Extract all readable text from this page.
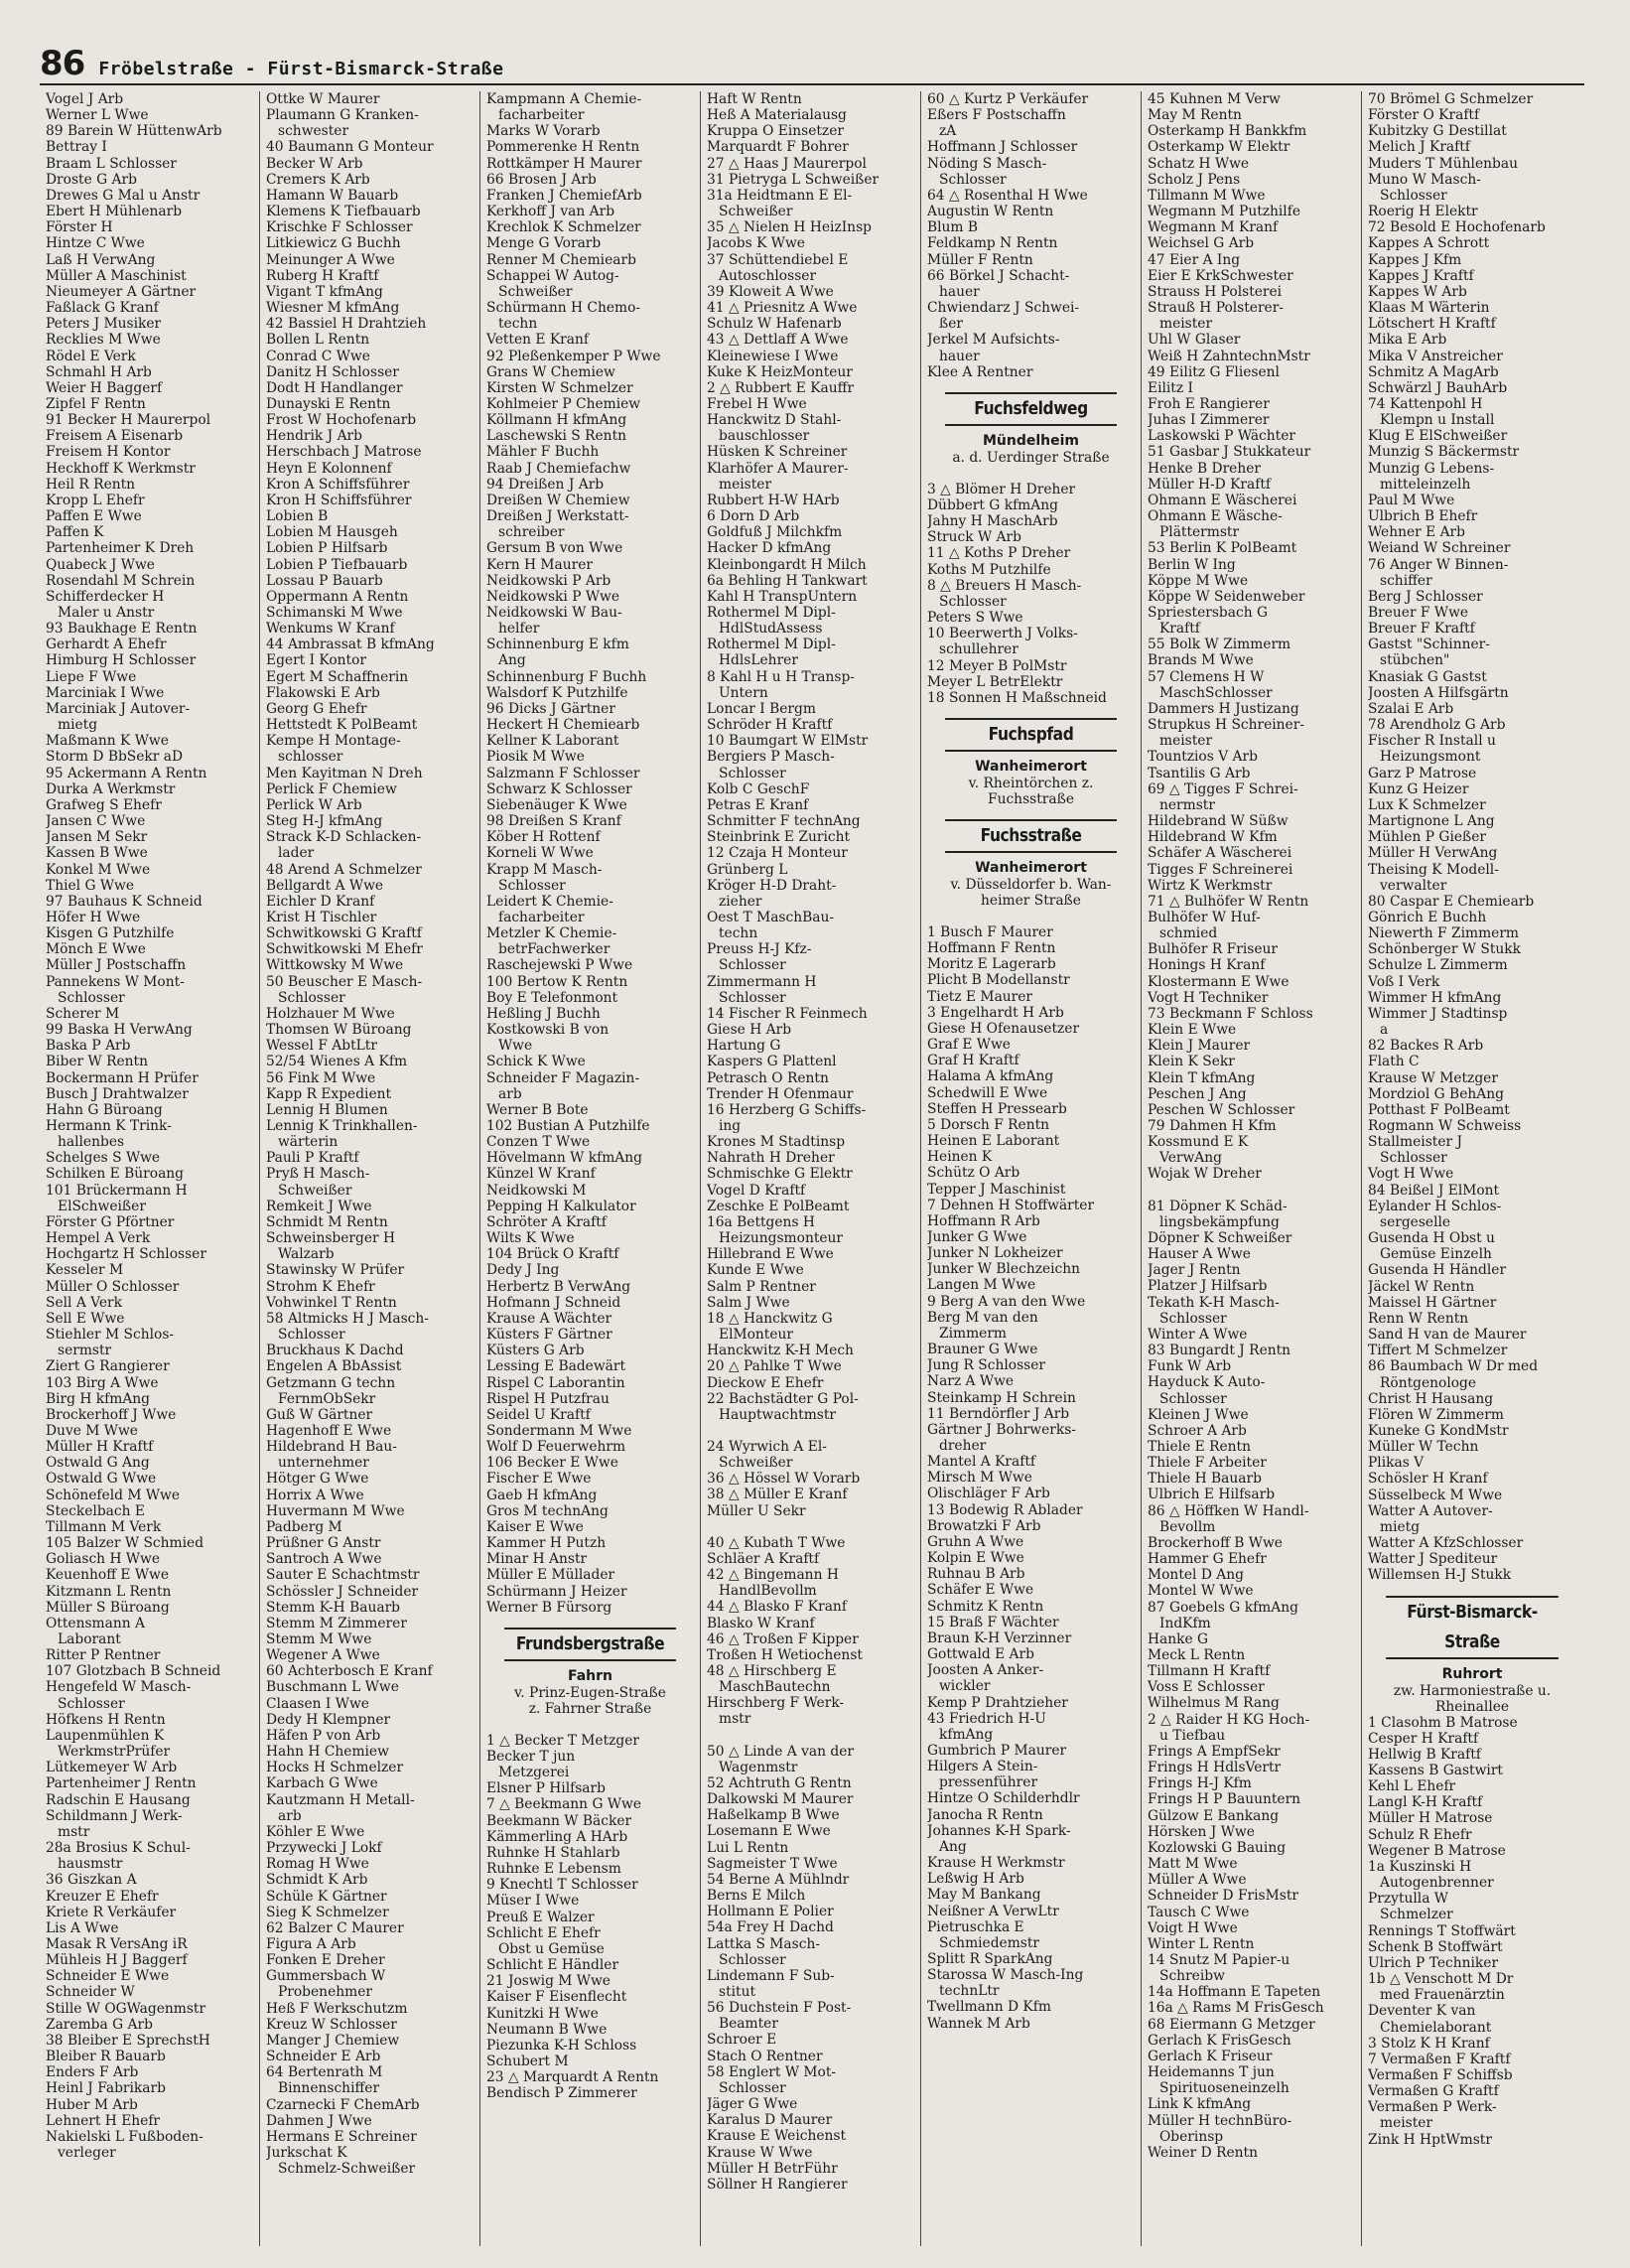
86 Fröbelstraße - Fürst-Bismarck-Straße
Vogel J Arb
Werner L Wwe
89 Barein W HüttenwArb
Bettray I
Braam L Schlosser
Droste G Arb
Drewes G Mal u Anstr
Ebert H Mühlenarb
Förster H
Hintze C Wwe
Laß H VerwAng
Müller A Maschinist
Nieumeyer A Gärtner
Faßlack G Kranf
Peters J Musiker
Recklies M Wwe
Rödel E Verk
Schmahl H Arb
Weier H Baggerf
Zipfel F Rentn
91 Becker H Maurerpol
Freisem A Eisenarb
Freisem H Kontor
Heckhoff K Werkmstr
Heil R Rentn
Kropp L Ehefr
Paffen E Wwe
Paffen K
Partenheimer K Dreh
Quabeck J Wwe
Rosendahl M Schrein
Schifferdecker H
Maler u Anstr
93 Baukhage E Rentn
Gerhardt A Ehefr
Himburg H Schlosser
Liepe F Wwe
Marciniak I Wwe
Marciniak J Autover-
mietg
Maßmann K Wwe
Storm D BbSekr aD
95 Ackermann A Rentn
Durka A Werkmstr
Grafweg S Ehefr
Jansen C Wwe
Jansen M Sekr
Kassen B Wwe
Konkel M Wwe
Thiel G Wwe
97 Bauhaus K Schneid
Höfer H Wwe
Kisgen G Putzhilfe
Mönch E Wwe
Müller J Postschaffn
Pannekens W Mont-
Schlosser
Scherer M
99 Baska H VerwAng
Baska P Arb
Biber W Rentn
Bockermann H Prüfer
Busch J Drahtwalzer
Hahn G Büroang
Hermann K Trink-
hallenbes
Schelges S Wwe
Schilken E Büroang
101 Brückermann H
ElSchweißer
Förster G Pförtner
Hempel A Verk
Hochgartz H Schlosser
Kesseler M
Müller O Schlosser
Sell A Verk
Sell E Wwe
Stiehler M Schlos-
sermstr
Ziert G Rangierer
103 Birg A Wwe
Birg H kfmAng
Brockerhoff J Wwe
Duve M Wwe
Müller H Kraftf
Ostwald G Ang
Ostwald G Wwe
Schönefeld M Wwe
Steckelbach E
Tillmann M Verk
105 Balzer W Schmied
Goliasch H Wwe
Keuenhoff E Wwe
Kitzmann L Rentn
Müller S Büroang
Ottensmann A
Laborant
Ritter P Rentner
107 Glotzbach B Schneid
Hengefeld W Masch-
Schlosser
Höfkens H Rentn
Laupenmühlen K
WerkmstrPrüfer
Lütkemeyer W Arb
Partenheimer J Rentn
Radschin E Hausang
Schildmann J Werk-
mstr
28a Brosius K Schul-
hausmstr
36 Giszkan A
Kreuzer E Ehefr
Kriete R Verkäufer
Lis A Wwe
Masak R VersAng iR
Mühleis H J Baggerf
Schneider E Wwe
Schneider W
Stille W OGWagenmstr
Zaremba G Arb
38 Bleiber E SprechstH
Bleiber R Bauarb
Enders F Arb
Heinl J Fabrikarb
Huber M Arb
Lehnert H Ehefr
Nakielski L Fußboden-
verleger
Ottke W Maurer
Plaumann G Kranken-
schwester
40 Baumann G Monteur
Becker W Arb
Cremers K Arb
Hamann W Bauarb
Klemens K Tiefbauarb
Krischke F Schlosser
Litkiewicz G Buchh
Meinunger A Wwe
Ruberg H Kraftf
Vigant T kfmAng
Wiesner M kfmAng
42 Bassiel H Drahtzieh
Bollen L Rentn
Conrad C Wwe
Danitz H Schlosser
Dodt H Handlanger
Dunayski E Rentn
Frost W Hochofenarb
Hendrik J Arb
Herschbach J Matrose
Heyn E Kolonnenf
Kron A Schiffsführer
Kron H Schiffsführer
Lobien B
Lobien M Hausgeh
Lobien P Hilfsarb
Lobien P Tiefbauarb
Lossau P Bauarb
Oppermann A Rentn
Schimanski M Wwe
Wenkums W Kranf
44 Ambrassat B kfmAng
Egert I Kontor
Egert M Schaffnerin
Flakowski E Arb
Georg G Ehefr
Hettstedt K PolBeamt
Kempe H Montage-
schlosser
Men Kayitman N Dreh
Perlick F Chemiew
Perlick W Arb
Steg H-J kfmAng
Strack K-D Schlacken-
lader
48 Arend A Schmelzer
Bellgardt A Wwe
Eichler D Kranf
Krist H Tischler
Schwitkowski G Kraftf
Schwitkowski M Ehefr
Wittkowsky M Wwe
50 Beuscher E Masch-
Schlosser
Holzhauer M Wwe
Thomsen W Büroang
Wessel F AbtLtr
52/54 Wienes A Kfm
56 Fink M Wwe
Kapp R Expedient
Lennig H Blumen
Lennig K Trinkhallen-
wärterin
Pauli P Kraftf
Pryß H Masch-
Schweißer
Remkeit J Wwe
Schmidt M Rentn
Schweinsberger H
Walzarb
Stawinsky W Prüfer
Strohm K Ehefr
Vohwinkel T Rentn
58 Altmicks H J Masch-
Schlosser
Bruckhaus K Dachd
Engelen A BbAssist
Getzmann G techn
FernmObSekr
Guß W Gärtner
Hagenhoff E Wwe
Hildebrand H Bau-
unternehmer
Hötger G Wwe
Horrix A Wwe
Huvermann M Wwe
Padberg M
Prüßner G Anstr
Santroch A Wwe
Sauter E Schachtmstr
Schössler J Schneider
Stemm K-H Bauarb
Stemm M Zimmerer
Stemm M Wwe
Wegener A Wwe
60 Achterbosch E Kranf
Buschmann L Wwe
Claasen I Wwe
Dedy H Klempner
Häfen P von Arb
Hahn H Chemiew
Hocks H Schmelzer
Karbach G Wwe
Kautzmann H Metall-
arb
Köhler E Wwe
Przywecki J Lokf
Romag H Wwe
Schmidt K Arb
Schüle K Gärtner
Sieg K Schmelzer
62 Balzer C Maurer
Figura A Arb
Fonken E Dreher
Gummersbach W
Probenehmer
Heß F Werkschutzm
Kreuz W Schlosser
Manger J Chemiew
Schneider E Arb
64 Bertenrath M
Binnenschiffer
Czarnecki F ChemArb
Dahmen J Wwe
Hermans E Schreiner
Jurkschat K
Schmelz-Schweißer
Kampmann A Chemie-
facharbeiter
Marks W Vorarb
Pommerenke H Rentn
Rottkämper H Maurer
66 Brosen J Arb
Franken J ChemiefArb
Kerkhoff J van Arb
Krechlok K Schmelzer
Menge G Vorarb
Renner M Chemiearb
Schappei W Autog-
Schweißer
Schürmann H Chemo-
techn
Vetten E Kranf
92 Pleßenkemper P Wwe
Grans W Chemiew
Kirsten W Schmelzer
Kohlmeier P Chemiew
Köllmann H kfmAng
Laschewski S Rentn
Mähler F Buchh
Raab J Chemiefachw
94 Dreißen J Arb
Dreißen W Chemiew
Dreißen J Werkstatt-
schreiber
Gersum B von Wwe
Kern H Maurer
Neidkowski P Arb
Neidkowski P Wwe
Neidkowski W Bau-
helfer
Schinnenburg E kfm
Ang
Schinnenburg F Buchh
Walsdorf K Putzhilfe
96 Dicks J Gärtner
Heckert H Chemiearb
Kellner K Laborant
Piosik M Wwe
Salzmann F Schlosser
Schwarz K Schlosser
Siebenäuger K Wwe
98 Dreißen S Kranf
Köber H Rottenf
Korneli W Wwe
Krapp M Masch-
Schlosser
Leidert K Chemie-
facharbeiter
Metzler K Chemie-
betrFachwerker
Raschejewski P Wwe
100 Bertow K Rentn
Boy E Telefonmont
Heßling J Buchh
Kostkowski B von
Wwe
Schick K Wwe
Schneider F Magazin-
arb
Werner B Bote
102 Bustian A Putzhilfe
Conzen T Wwe
Hövelmann W kfmAng
Künzel W Kranf
Neidkowski M
Pepping H Kalkulator
Schröter A Kraftf
Wilts K Wwe
104 Brück O Kraftf
Dedy J Ing
Herbertz B VerwAng
Hofmann J Schneid
Krause A Wächter
Küsters F Gärtner
Küsters G Arb
Lessing E Badewärt
Rispel C Laborantin
Rispel H Putzfrau
Seidel U Kraftf
Sondermann M Wwe
Wolf D Feuerwehrm
106 Becker E Wwe
Fischer E Wwe
Gaeb H kfmAng
Gros M technAng
Kaiser E Wwe
Kammer H Putzh
Minar H Anstr
Müller E Müllader
Schürmann J Heizer
Werner B Fürsorg
Frundsbergstraße
Fahrn
v. Prinz-Eugen-Straße
z. Fahrner Straße
1 △ Becker T Metzger
Becker T jun
Metzgerei
Elsner P Hilfsarb
7 △ Beekmann G Wwe
Beekmann W Bäcker
Kämmerling A HArb
Ruhnke H Stahlarb
Ruhnke E Lebensm
9 Knechtl T Schlosser
Müser I Wwe
Preuß E Walzer
Schlicht E Ehefr
Obst u Gemüse
Schlicht E Händler
21 Joswig M Wwe
Kaiser F Eisenflecht
Kunitzki H Wwe
Neumann B Wwe
Piezunka K-H Schloss
Schubert M
23 △ Marquardt A Rentn
Bendisch P Zimmerer
Haft W Rentn
Heß A Materialausg
Kruppa O Einsetzer
Marquardt F Bohrer
27 △ Haas J Maurerpol
31 Pietryga L Schweißer
31a Heidtmann E El-
Schweißer
35 △ Nielen H HeizInsp
Jacobs K Wwe
37 Schüttendiebel E
Autoschlosser
39 Kloweit A Wwe
41 △ Priesnitz A Wwe
Schulz W Hafenarb
43 △ Dettlaff A Wwe
Kleinewiese I Wwe
Kuke K HeizMonteur
2 △ Rubbert E Kauffr
Frebel H Wwe
Hanckwitz D Stahl-
bauschlosser
Hüsken K Schreiner
Klarhöfer A Maurer-
meister
Rubbert H-W HArb
6 Dorn D Arb
Goldfuß J Milchkfm
Hacker D kfmAng
Kleinbongardt H Milch
6a Behling H Tankwart
Kahl H TranspUntern
Rothermel M Dipl-
HdlStudAssess
Rothermel M Dipl-
HdlsLehrer
8 Kahl H u H Transp-
Untern
Loncar I Bergm
Schröder H Kraftf
10 Baumgart W ElMstr
Bergiers P Masch-
Schlosser
Kolb C GeschF
Petras E Kranf
Schmitter F technAng
Steinbrink E Zuricht
12 Czaja H Monteur
Grünberg L
Kröger H-D Draht-
zieher
Oest T MaschBau-
techn
Preuss H-J Kfz-
Schlosser
Zimmermann H
Schlosser
14 Fischer R Feinmech
Giese H Arb
Hartung G
Kaspers G Plattenl
Petrasch O Rentn
Trender H Ofenmaur
16 Herzberg G Schiffs-
ing
Krones M Stadtinsp
Nahrath H Dreher
Schmischke G Elektr
Vogel D Kraftf
Zeschke E PolBeamt
16a Bettgens H
Heizungsmonteur
Hillebrand E Wwe
Kunde E Wwe
Salm P Rentner
Salm J Wwe
18 △ Hanckwitz G
ElMonteur
Hanckwitz K-H Mech
20 △ Pahlke T Wwe
Dieckow E Ehefr
22 Bachstädter G Pol-
Hauptwachtmstr
24 Wyrwich A El-
Schweißer
36 △ Hössel W Vorarb
38 △ Müller E Kranf
Müller U Sekr
40 △ Kubath T Wwe
Schläer A Kraftf
42 △ Bingemann H
HandlBevollm
44 △ Blasko F Kranf
Blasko W Kranf
46 △ Troßen F Kipper
Troßen H Wetiochenst
48 △ Hirschberg E
MaschBautechn
Hirschberg F Werk-
mstr
50 △ Linde A van der
Wagenmstr
52 Achtruth G Rentn
Dalkowski M Maurer
Haßelkamp B Wwe
Losemann E Wwe
Lui L Rentn
Sagmeister T Wwe
54 Berne A Mühlndr
Berns E Milch
Hollmann E Polier
54a Frey H Dachd
Lattka S Masch-
Schlosser
Lindemann F Sub-
stitut
56 Duchstein F Post-
Beamter
Schroer E
Stach O Rentner
58 Englert W Mot-
Schlosser
Jäger G Wwe
Karalus D Maurer
Krause E Weichenst
Krause W Wwe
Müller H BetrFühr
Söllner H Rangierer
60 △ Kurtz P Verkäufer
Eßers F Postschaffn
zA
Hoffmann J Schlosser
Nöding S Masch-
Schlosser
64 △ Rosenthal H Wwe
Augustin W Rentn
Blum B
Feldkamp N Rentn
Müller F Rentn
66 Börkel J Schacht-
hauer
Chwiendarz J Schwei-
ßer
Jerkel M Aufsichts-
hauer
Klee A Rentner
Fuchsfeldweg
Mündelheim
a. d. Uerdinger Straße
3 △ Blömer H Dreher
Dübbert G kfmAng
Jahny H MaschArb
Struck W Arb
11 △ Koths P Dreher
Koths M Putzhilfe
8 △ Breuers H Masch-
Schlosser
Peters S Wwe
10 Beerwerth J Volks-
schullehrer
12 Meyer B PolMstr
Meyer L BetrElektr
18 Sonnen H Maßschneid
Fuchspfad
Wanheimerort
v. Rheintörchen z.
Fuchsstraße
Fuchsstraße
Wanheimerort
v. Düsseldorfer b. Wan-
heimer Straße
1 Busch F Maurer
Hoffmann F Rentn
Moritz E Lagerarb
Plicht B Modellanstr
Tietz E Maurer
3 Engelhardt H Arb
Giese H Ofenausetzer
Graf E Wwe
Graf H Kraftf
Halama A kfmAng
Schedwill E Wwe
Steffen H Pressearb
5 Dorsch F Rentn
Heinen E Laborant
Heinen K
Schütz O Arb
Tepper J Maschinist
7 Dehnen H Stoffwärter
Hoffmann R Arb
Junker G Wwe
Junker N Lokheizer
Junker W Blechzeichn
Langen M Wwe
9 Berg A van den Wwe
Berg M van den
Zimmerm
Brauner G Wwe
Jung R Schlosser
Narz A Wwe
Steinkamp H Schrein
11 Berndörfler J Arb
Gärtner J Bohrwerks-
dreher
Mantel A Kraftf
Mirsch M Wwe
Olischläger F Arb
13 Bodewig R Ablader
Browatzki F Arb
Gruhn A Wwe
Kolpin E Wwe
Ruhnau B Arb
Schäfer E Wwe
Schmitz K Rentn
15 Braß F Wächter
Braun K-H Verzinner
Gottwald E Arb
Joosten A Anker-
wickler
Kemp P Drahtzieher
43 Friedrich H-U
kfmAng
Gumbrich P Maurer
Hilgers A Stein-
pressenführer
Hintze O Schilderhdlr
Janocha R Rentn
Johannes K-H Spark-
Ang
Krause H Werkmstr
Leßwig H Arb
May M Bankang
Neißner A VerwLtr
Pietruschka E
Schmiedemstr
Splitt R SparkAng
Starossa W Masch-Ing
technLtr
Twellmann D Kfm
Wannek M Arb
45 Kuhnen M Verw
May M Rentn
Osterkamp H Bankkfm
Osterkamp W Elektr
Schatz H Wwe
Scholz J Pens
Tillmann M Wwe
Wegmann M Putzhilfe
Wegmann M Kranf
Weichsel G Arb
47 Eier A Ing
Eier E KrkSchwester
Strauss H Polsterei
Strauß H Polsterer-
meister
Uhl W Glaser
Weiß H ZahntechnMstr
49 Eilitz G Fliesenl
Eilitz I
Froh E Rangierer
Juhas I Zimmerer
Laskowski P Wächter
51 Gasbar J Stukkateur
Henke B Dreher
Müller H-D Kraftf
Ohmann E Wäscherei
Ohmann E Wäsche-
Plättermstr
53 Berlin K PolBeamt
Berlin W Ing
Köppe M Wwe
Köppe W Seidenweber
Spriestersbach G
Kraftf
55 Bolk W Zimmerm
Brands M Wwe
57 Clemens H W
MaschSchlosser
Dammers H Justizang
Strupkus H Schreiner-
meister
Tountzios V Arb
Tsantilis G Arb
69 △ Tigges F Schrei-
nermstr
Hildebrand W Süßw
Hildebrand W Kfm
Schäfer A Wäscherei
Tigges F Schreinerei
Wirtz K Werkmstr
71 △ Bulhöfer W Rentn
Bulhöfer W Huf-
schmied
Bulhöfer R Friseur
Honings H Kranf
Klostermann E Wwe
Vogt H Techniker
73 Beckmann F Schloss
Klein E Wwe
Klein J Maurer
Klein K Sekr
Klein T kfmAng
Peschen J Ang
Peschen W Schlosser
79 Dahmen H Kfm
Kossmund E K
VerwAng
Wojak W Dreher
81 Döpner K Schäd-
lingsbekämpfung
Döpner K Schweißer
Hauser A Wwe
Jager J Rentn
Platzer J Hilfsarb
Tekath K-H Masch-
Schlosser
Winter A Wwe
83 Bungardt J Rentn
Funk W Arb
Hayduck K Auto-
Schlosser
Kleinen J Wwe
Schroer A Arb
Thiele E Rentn
Thiele F Arbeiter
Thiele H Bauarb
Ulbrich E Hilfsarb
86 △ Höffken W Handl-
Bevollm
Brockerhoff B Wwe
Hammer G Ehefr
Montel D Ang
Montel W Wwe
87 Goebels G kfmAng
IndKfm
Hanke G
Meck L Rentn
Tillmann H Kraftf
Voss E Schlosser
Wilhelmus M Rang
2 △ Raider H KG Hoch-
u Tiefbau
Frings A EmpfSekr
Frings H HdlsVertr
Frings H-J Kfm
Frings H P Bauuntern
Gülzow E Bankang
Hörsken J Wwe
Kozlowski G Bauing
Matt M Wwe
Müller A Wwe
Schneider D FrisMstr
Tausch C Wwe
Voigt H Wwe
Winter L Rentn
14 Snutz M Papier-u
Schreibw
14a Hoffmann E Tapeten
16a △ Rams M FrisGesch
68 Eiermann G Metzger
Gerlach K FrisGesch
Gerlach K Friseur
Heidemanns T jun
Spirituoseneinzelh
Link K kfmAng
Müller H technBüro-
Oberinsp
Weiner D Rentn
70 Brömel G Schmelzer
Förster O Kraftf
Kubitzky G Destillat
Melich J Kraftf
Muders T Mühlenbau
Muno W Masch-
Schlosser
Roerig H Elektr
72 Besold E Hochofenarb
Kappes A Schrott
Kappes J Kfm
Kappes J Kraftf
Kappes W Arb
Klaas M Wärterin
Lötschert H Kraftf
Mika E Arb
Mika V Anstreicher
Schmitz A MagArb
Schwärzl J BauhArb
74 Kattenpohl H
Klempn u Install
Klug E ElSchweißer
Munzig S Bäckermstr
Munzig G Lebens-
mitteleinzelh
Paul M Wwe
Ulbrich B Ehefr
Wehner E Arb
Weiand W Schreiner
76 Anger W Binnen-
schiffer
Berg J Schlosser
Breuer F Wwe
Breuer F Kraftf
Gastst "Schinner-
stübchen"
Knasiak G Gastst
Joosten A Hilfsgärtn
Szalai E Arb
78 Arendholz G Arb
Fischer R Install u
Heizungsmont
Garz P Matrose
Kunz G Heizer
Lux K Schmelzer
Martignone L Ang
Mühlen P Gießer
Müller H VerwAng
Theising K Modell-
verwalter
80 Caspar E Chemiearb
Gönrich E Buchh
Niewerth F Zimmerm
Schönberger W Stukk
Schulze L Zimmerm
Voß I Verk
Wimmer H kfmAng
Wimmer J Stadtinsp
a
82 Backes R Arb
Flath C
Krause W Metzger
Mordziol G BehAng
Potthast F PolBeamt
Rogmann W Schweiss
Stallmeister J
Schlosser
Vogt H Wwe
84 Beißel J ElMont
Eylander H Schlos-
sergeselle
Gusenda H Obst u
Gemüse Einzelh
Gusenda H Händler
Jäckel W Rentn
Maissel H Gärtner
Renn W Rentn
Sand H van de Maurer
Tiffert M Schmelzer
86 Baumbach W Dr med
Röntgenologe
Christ H Hausang
Flören W Zimmerm
Kuneke G KondMstr
Müller W Techn
Plikas V
Schösler H Kranf
Süsselbeck M Wwe
Watter A Autover-
mietg
Watter A KfzSchlosser
Watter J Spediteur
Willemsen H-J Stukk
Fürst-Bismarck-Straße
Ruhrort
zw. Harmoniestraße u.
Rheinallee
1 Clasohm B Matrose
Cesper H Kraftf
Hellwig B Kraftf
Kassens B Gastwirt
Kehl L Ehefr
Langl K-H Kraftf
Müller H Matrose
Schulz R Ehefr
Wegener B Matrose
1a Kuszinski H
Autogenbrenner
Przytulla W
Schmelzer
Rennings T Stoffwärt
Schenk B Stoffwärt
Ulrich P Techniker
1b △ Venschott M Dr
med Frauenärztin
Deventer K van
Chemielaborant
3 Stolz K H Kranf
7 Vermaßen F Kraftf
Vermaßen F Schiffsb
Vermaßen G Kraftf
Vermaßen P Werk-
meister
Zink H HptWmstr
